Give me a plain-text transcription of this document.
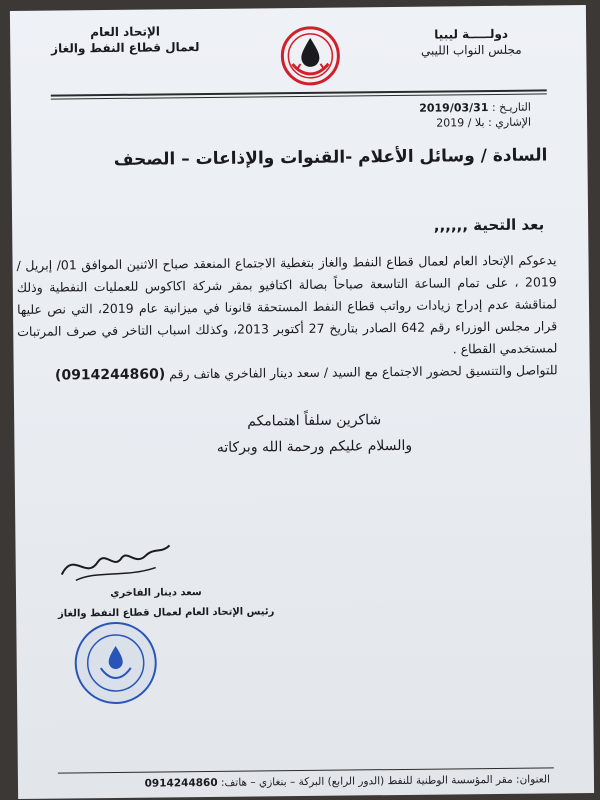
الإتحاد العام
لعمال قطاع النفط والغاز
دولـــــة ليبيا
مجلس النواب الليبي
التاريـخ : 2019/03/31
الإشاري : بلا / 2019
السادة / وسائل الأعلام -القنوات والإذاعات – الصحف
بعد التحية ,,,,,,
يدعوكم الإتحاد العام لعمال قطاع النفط والغاز بتغطية الاجتماع المنعقد صباح الاثنين الموافق 01/ إبريل / 2019 ، على تمام الساعة التاسعة صباحاً بصالة اكتافيو بمقر شركة اكاكوس للعمليات النفطية وذلك لمناقشة عدم إدراج زيادات رواتب قطاع النفط المستحقة قانونا في ميزانية عام 2019، التي نص عليها قرار مجلس الوزراء رقم 642 الصادر بتاريخ 27 أكتوبر 2013، وكذلك اسباب التاخر في صرف المرتبات لمستخدمي القطاع .
للتواصل والتنسيق لحضور الاجتماع مع السيد / سعد دينار الفاخري هاتف رقم (0914244860)
شاكرين سلفاً اهتمامكم
والسلام عليكم ورحمة الله وبركاته
سعد دينار الفاخري
رئيس الإتحاد العام لعمال قطاع النفط والغاز
العنوان: مقر المؤسسة الوطنية للنفط (الدور الرابع) البركة – بنغازي – هاتف: 0914244860
